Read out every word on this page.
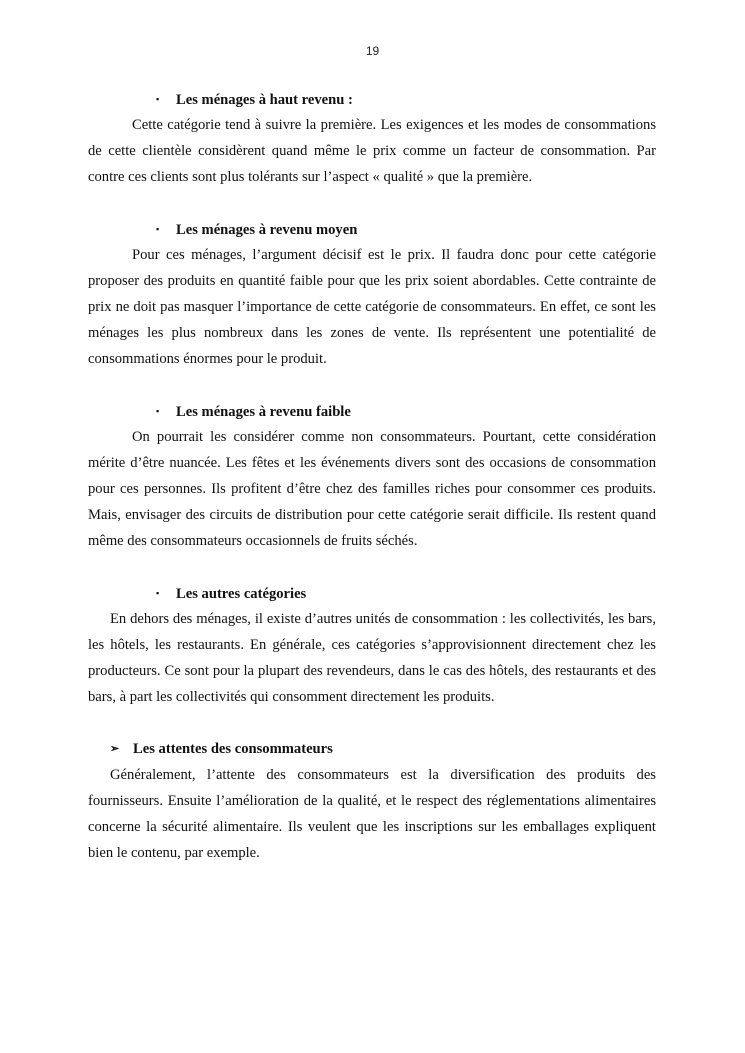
19
▪ Les ménages à haut revenu :

Cette catégorie tend à suivre la première. Les exigences et les modes de consommations de cette clientèle considèrent quand même le prix comme un facteur de consommation. Par contre ces clients sont plus tolérants sur l’aspect « qualité » que la première.

▪ Les ménages à revenu moyen

Pour ces ménages, l’argument décisif est le prix. Il faudra donc pour cette catégorie proposer des produits en quantité faible pour que les prix soient abordables. Cette contrainte de prix ne doit pas masquer l’importance de cette catégorie de consommateurs. En effet, ce sont les ménages les plus nombreux dans les zones de vente. Ils représentent une potentialité de consommations énormes pour le produit.

▪ Les ménages à revenu faible

On pourrait les considérer comme non consommateurs. Pourtant, cette considération mérite d’être nuancée. Les fêtes et les événements divers sont des occasions de consommation pour ces personnes. Ils profitent d’être chez des familles riches pour consommer ces produits. Mais, envisager des circuits de distribution pour cette catégorie serait difficile. Ils restent quand même des consommateurs occasionnels de fruits séchés.

▪ Les autres catégories

En dehors des ménages, il existe d’autres unités de consommation : les collectivités, les bars, les hôtels, les restaurants. En générale, ces catégories s’approvisionnent directement chez les producteurs. Ce sont pour la plupart des revendeurs, dans le cas des hôtels, des restaurants et des bars, à part les collectivités qui consomment directement les produits.

➢ Les attentes des consommateurs

Généralement, l’attente des consommateurs est la diversification des produits des fournisseurs. Ensuite l’amélioration de la qualité, et le respect des réglementations alimentaires concerne la sécurité alimentaire. Ils veulent que les inscriptions sur les emballages expliquent bien le contenu, par exemple.
